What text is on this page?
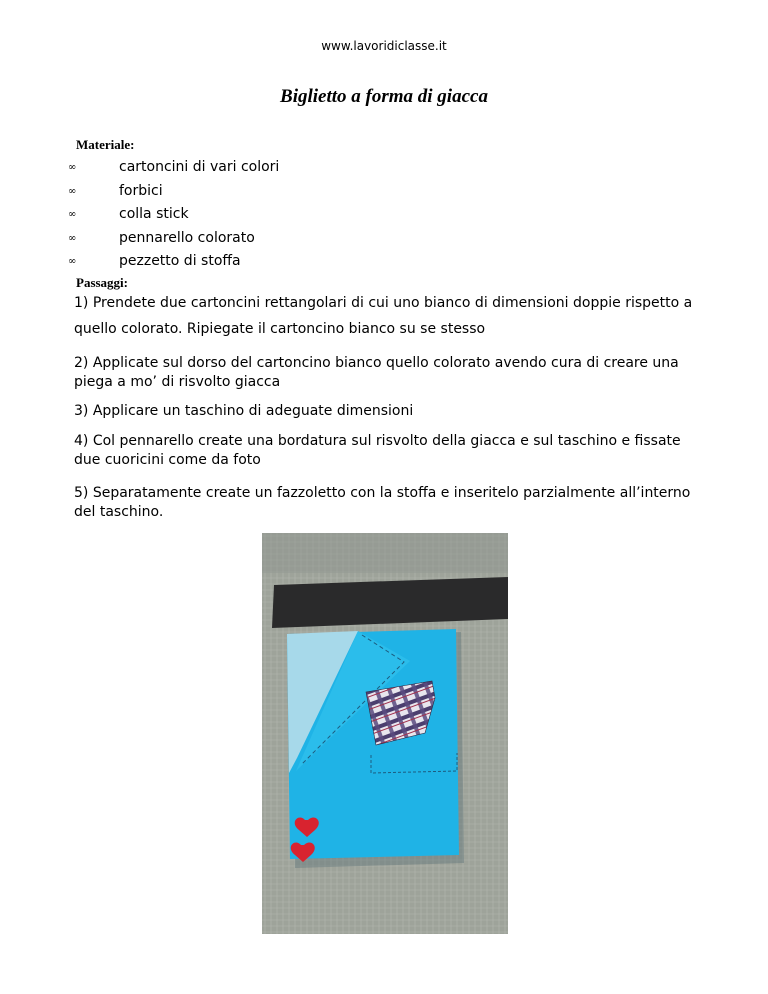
www.lavoridiclasse.it
Biglietto a forma di giacca
Materiale:
∞	cartoncini di vari colori
∞	forbici
∞	colla stick
∞	pennarello colorato
∞	pezzetto di stoffa
Passaggi:

1) Prendete due cartoncini rettangolari di cui uno bianco di dimensioni doppie rispetto a quello colorato. Ripiegate il cartoncino bianco su se stesso

2) Applicate sul dorso del cartoncino bianco quello colorato avendo cura di creare una piega a mo’ di risvolto giacca

3) Applicare un taschino di adeguate dimensioni

4) Col pennarello create una bordatura sul risvolto della giacca e sul taschino e fissate due cuoricini come da foto

5) Separatamente create un fazzoletto con la stoffa e inseritelo parzialmente all’interno del taschino.
